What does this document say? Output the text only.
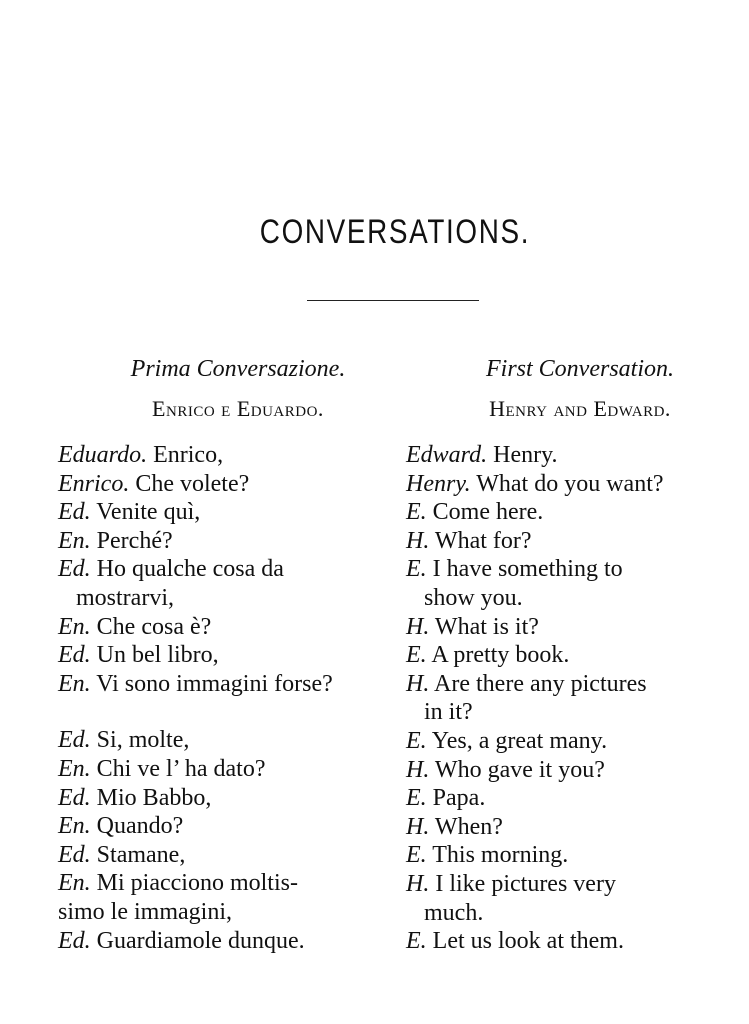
CONVERSATIONS.
Prima Conversazione.
Enrico e Eduardo.

Eduardo. Enrico,

Enrico. Che volete?

Ed. Venite quì,

En. Perché?

Ed. Ho qualche cosa da
mostrarvi,

En. Che cosa è?

Ed. Un bel libro,

En. Vi sono immagini forse?

Ed. Si, molte,

En. Chi ve l’ ha dato?

Ed. Mio Babbo,

En. Quando?

Ed. Stamane,

En. Mi piacciono moltis-
simo le immagini,

Ed. Guardiamole dunque.

First Conversation.
Henry and Edward.

Edward. Henry.

Henry. What do you want?

E. Come here.

H. What for?

E. I have something to
show you.

H. What is it?

E. A pretty book.

H. Are there any pictures
in it?

E. Yes, a great many.

H. Who gave it you?

E. Papa.

H. When?

E. This morning.

H. I like pictures very
much.

E. Let us look at them.
